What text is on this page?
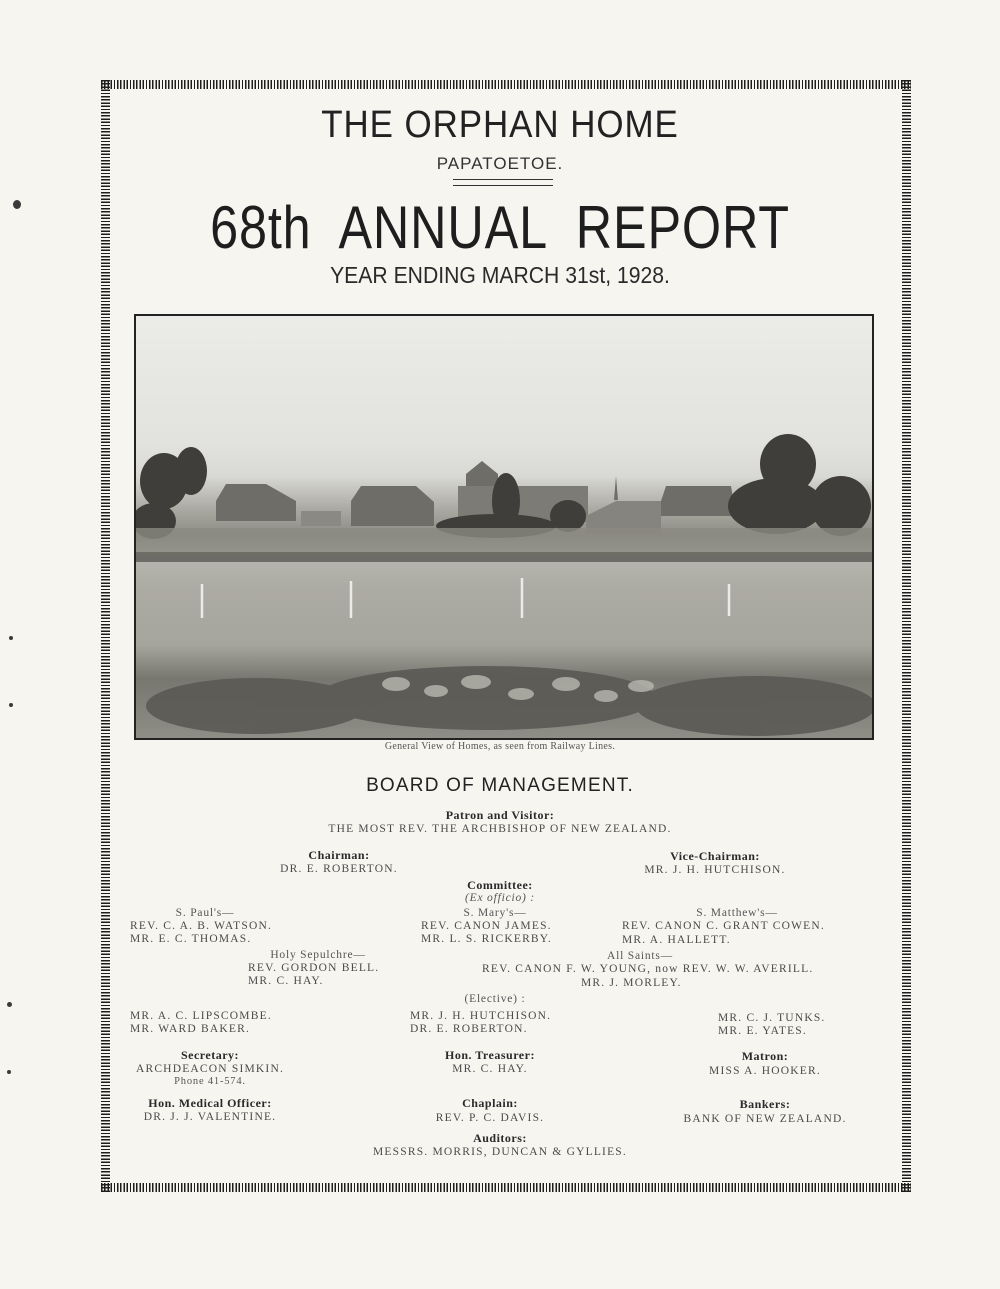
THE ORPHAN HOME
PAPATOETOE.
68th  ANNUAL  REPORT
YEAR ENDING MARCH 31st, 1928.
General View of Homes, as seen from Railway Lines.
BOARD OF MANAGEMENT.
Patron and Visitor:
THE MOST REV. THE ARCHBISHOP OF NEW ZEALAND.
Chairman:
DR. E. ROBERTON.
Vice-Chairman:
MR. J. H. HUTCHISON.
Committee:
(Ex officio) :
S. Paul's—
REV. C. A. B. WATSON.
MR. E. C. THOMAS.
S. Mary's—
REV. CANON JAMES.
MR. L. S. RICKERBY.
S. Matthew's—
REV. CANON C. GRANT COWEN.
MR. A. HALLETT.
Holy Sepulchre—
REV. GORDON BELL.
MR. C. HAY.
All Saints—
REV. CANON F. W. YOUNG, now REV. W. W. AVERILL.
MR. J. MORLEY.
(Elective) :
MR. A. C. LIPSCOMBE.
MR. WARD BAKER.
MR. J. H. HUTCHISON.
DR. E. ROBERTON.
MR. C. J. TUNKS.
MR. E. YATES.
Secretary:
ARCHDEACON SIMKIN.
Phone 41-574.
Hon. Treasurer:
MR. C. HAY.
Matron:
MISS A. HOOKER.
Hon. Medical Officer:
DR. J. J. VALENTINE.
Chaplain:
REV. P. C. DAVIS.
Bankers:
BANK OF NEW ZEALAND.
Auditors:
MESSRS. MORRIS, DUNCAN & GYLLIES.
